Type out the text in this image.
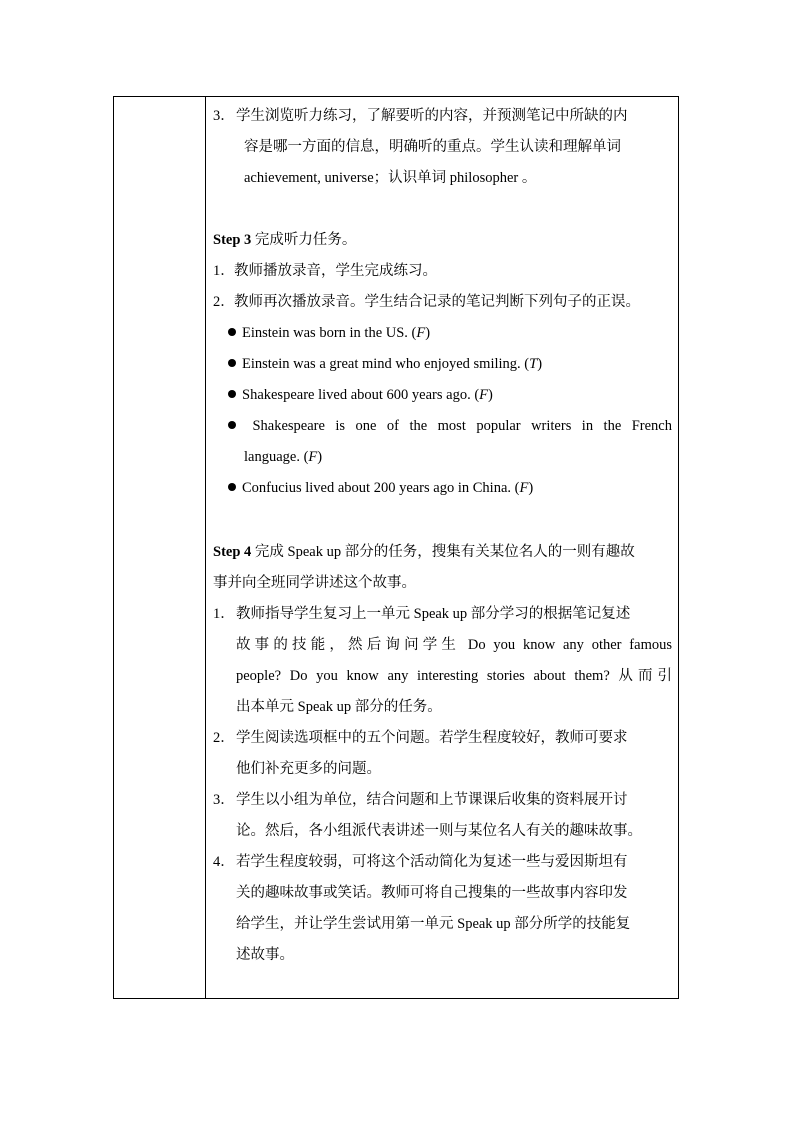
3． 学生浏览听力练习，了解要听的内容，并预测笔记中所缺的内
容是哪一方面的信息，明确听的重点。学生认读和理解单词
achievement, universe；认识单词 philosopher 。
Step 3 完成听力任务。
1． 教师播放录音，学生完成练习。
2． 教师再次播放录音。学生结合记录的笔记判断下列句子的正误。
Einstein was born in the US. (F)
Einstein was a great mind who enjoyed smiling. (T)
Shakespeare lived about 600 years ago. (F)
Shakespeare is one of the most popular writers in the French
language. (F)
Confucius lived about 200 years ago in China. (F)
Step 4 完成 Speak up 部分的任务，搜集有关某位名人的一则有趣故
事并向全班同学讲述这个故事。
1． 教师指导学生复习上一单元 Speak up 部分学习的根据笔记复述
故事的技能，然后询问学生 Do you know any other famous
people? Do you know any interesting stories about them? 从而引
出本单元 Speak up 部分的任务。
2． 学生阅读选项框中的五个问题。若学生程度较好，教师可要求
他们补充更多的问题。
3． 学生以小组为单位，结合问题和上节课课后收集的资料展开讨
论。然后，各小组派代表讲述一则与某位名人有关的趣味故事。
4． 若学生程度较弱，可将这个活动简化为复述一些与爱因斯坦有
关的趣味故事或笑话。教师可将自己搜集的一些故事内容印发
给学生，并让学生尝试用第一单元 Speak up 部分所学的技能复
述故事。
